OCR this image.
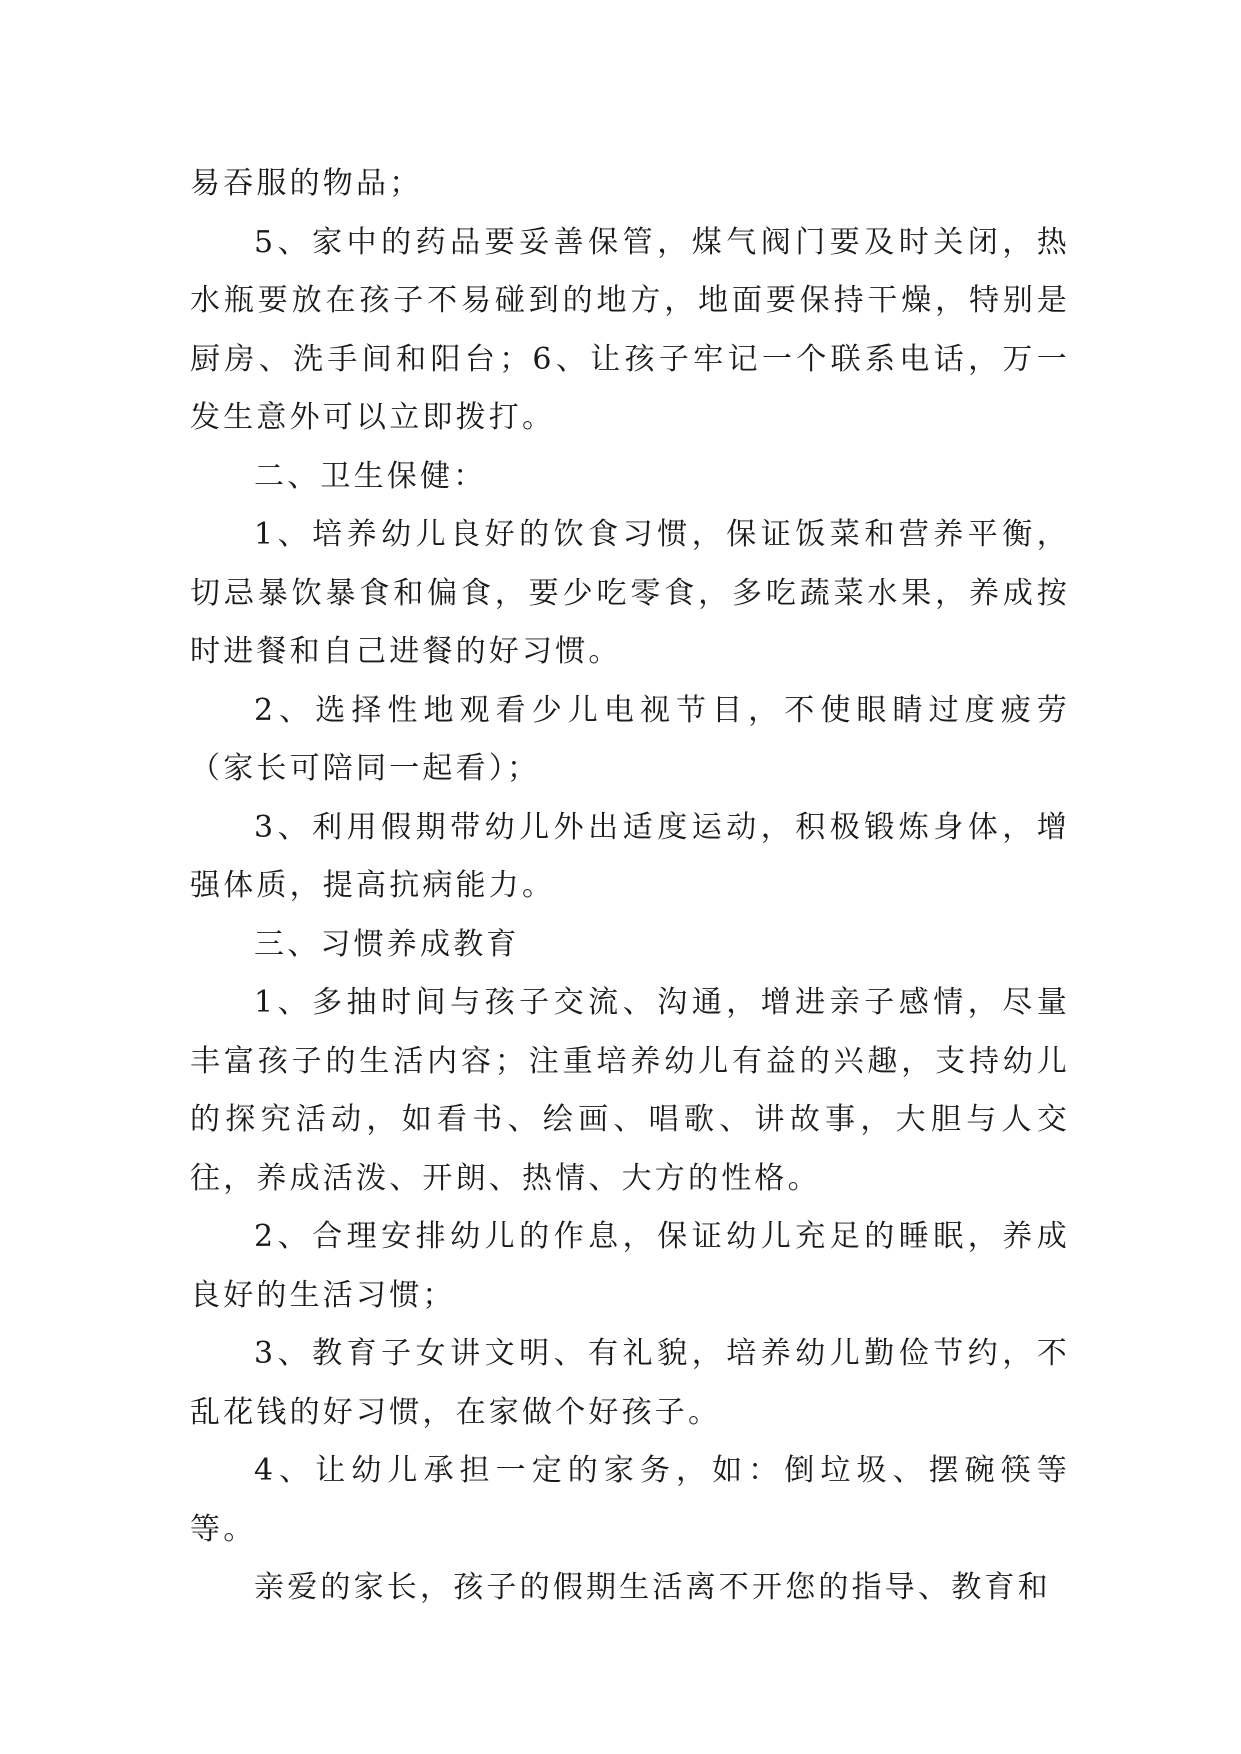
易吞服的物品；

5、家中的药品要妥善保管，煤气阀门要及时关闭，热水瓶要放在孩子不易碰到的地方，地面要保持干燥，特别是厨房、洗手间和阳台；6、让孩子牢记一个联系电话，万一发生意外可以立即拨打。

二、卫生保健：

1、培养幼儿良好的饮食习惯，保证饭菜和营养平衡，切忌暴饮暴食和偏食，要少吃零食，多吃蔬菜水果，养成按时进餐和自己进餐的好习惯。

2、选择性地观看少儿电视节目，不使眼睛过度疲劳（家长可陪同一起看）；

3、利用假期带幼儿外出适度运动，积极锻炼身体，增强体质，提高抗病能力。

三、习惯养成教育

1、多抽时间与孩子交流、沟通，增进亲子感情，尽量丰富孩子的生活内容；注重培养幼儿有益的兴趣，支持幼儿的探究活动，如看书、绘画、唱歌、讲故事，大胆与人交往，养成活泼、开朗、热情、大方的性格。

2、合理安排幼儿的作息，保证幼儿充足的睡眠，养成良好的生活习惯；

3、教育子女讲文明、有礼貌，培养幼儿勤俭节约，不乱花钱的好习惯，在家做个好孩子。

4、让幼儿承担一定的家务，如：倒垃圾、摆碗筷等等。

亲爱的家长，孩子的假期生活离不开您的指导、教育和
